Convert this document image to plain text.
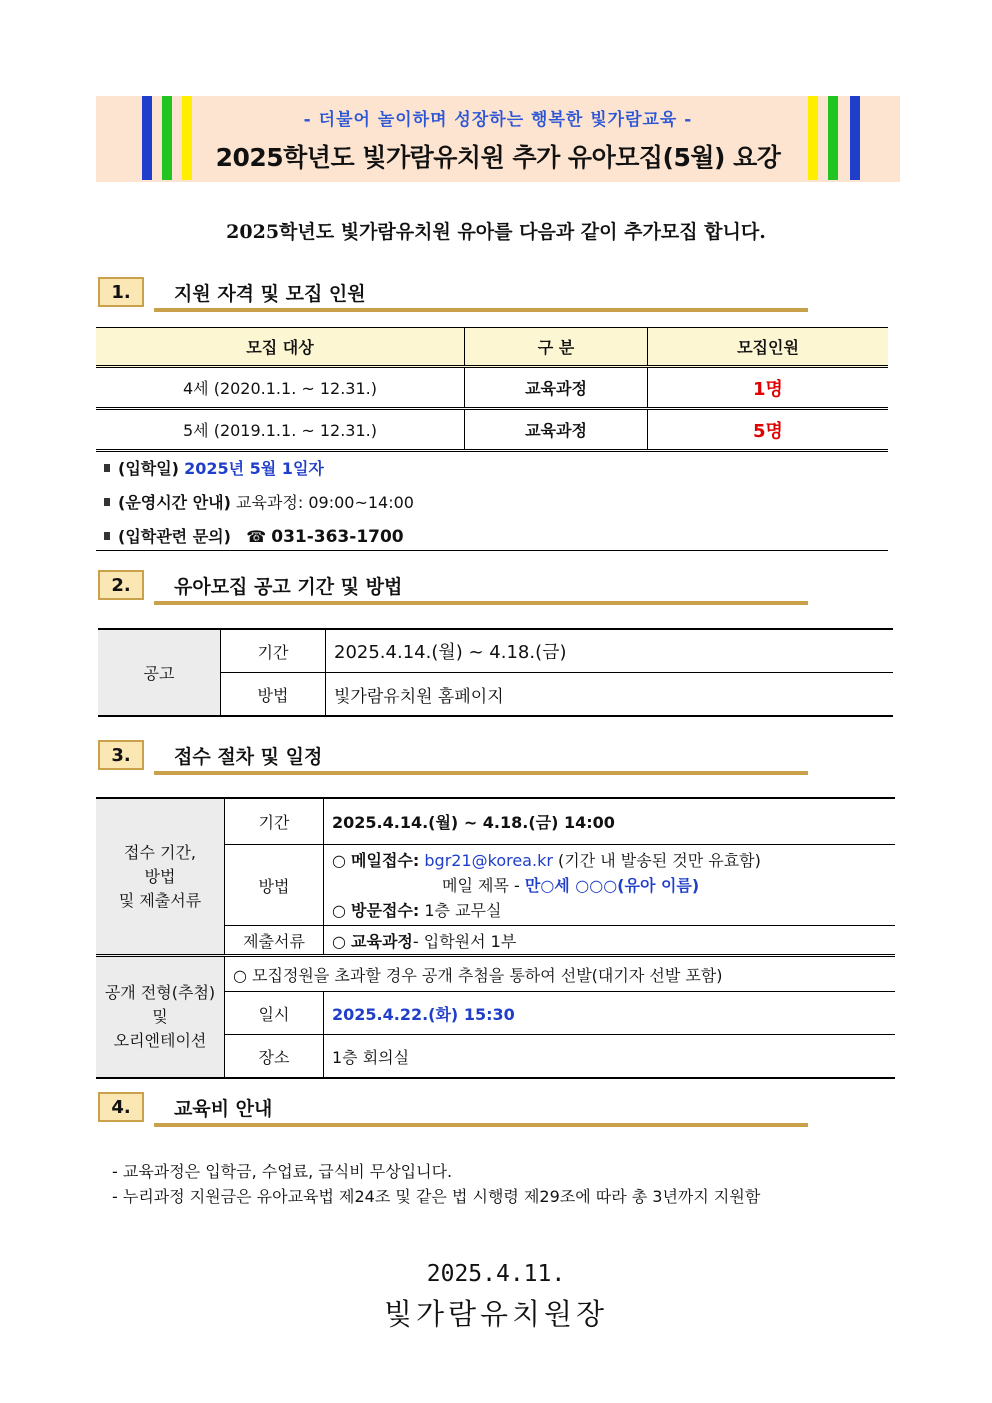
- 더불어 놀이하며 성장하는 행복한 빛가람교육 -
2025학년도 빛가람유치원 추가 유아모집(5월) 요강
2025학년도 빛가람유치원 유아를 다음과 같이 추가모집 합니다.
1.	지원 자격 및 모집 인원
모집 대상	구 분	모집인원
4세 (2020.1.1. ~ 12.31.)	교육과정	1명
5세 (2019.1.1. ~ 12.31.)	교육과정	5명
(입학일) 2025년 5월 1일자
(운영시간 안내) 교육과정: 09:00~14:00
(입학관련 문의) ☎ 031-363-1700
2.	유아모집 공고 기간 및 방법
공고	기간	2025.4.14.(월) ~ 4.18.(금)
	방법	빛가람유치원 홈페이지
3.	접수 절차 및 일정
접수 기간,
방법
및 제출서류	기간	2025.4.14.(월) ~ 4.18.(금) 14:00
	방법	○ 메일접수: bgr21@korea.kr (기간 내 발송된 것만 유효함)
메일 제목 - 만○세 ○○○(유아 이름)
○ 방문접수: 1층 교무실

	제출서류	○ 교육과정- 입학원서 1부

공개 전형(추첨)
및
오리엔테이션	○ 모집정원을 초과할 경우 공개 추첨을 통하여 선발(대기자 선발 포함)	
	일시	2025.4.22.(화) 15:30
	장소	1층 회의실
4.	교육비 안내
- 교육과정은 입학금, 수업료, 급식비 무상입니다.
- 누리과정 지원금은 유아교육법 제24조 및 같은 법 시행령 제29조에 따라 총 3년까지 지원함
2025.4.11.
빛가람유치원장
